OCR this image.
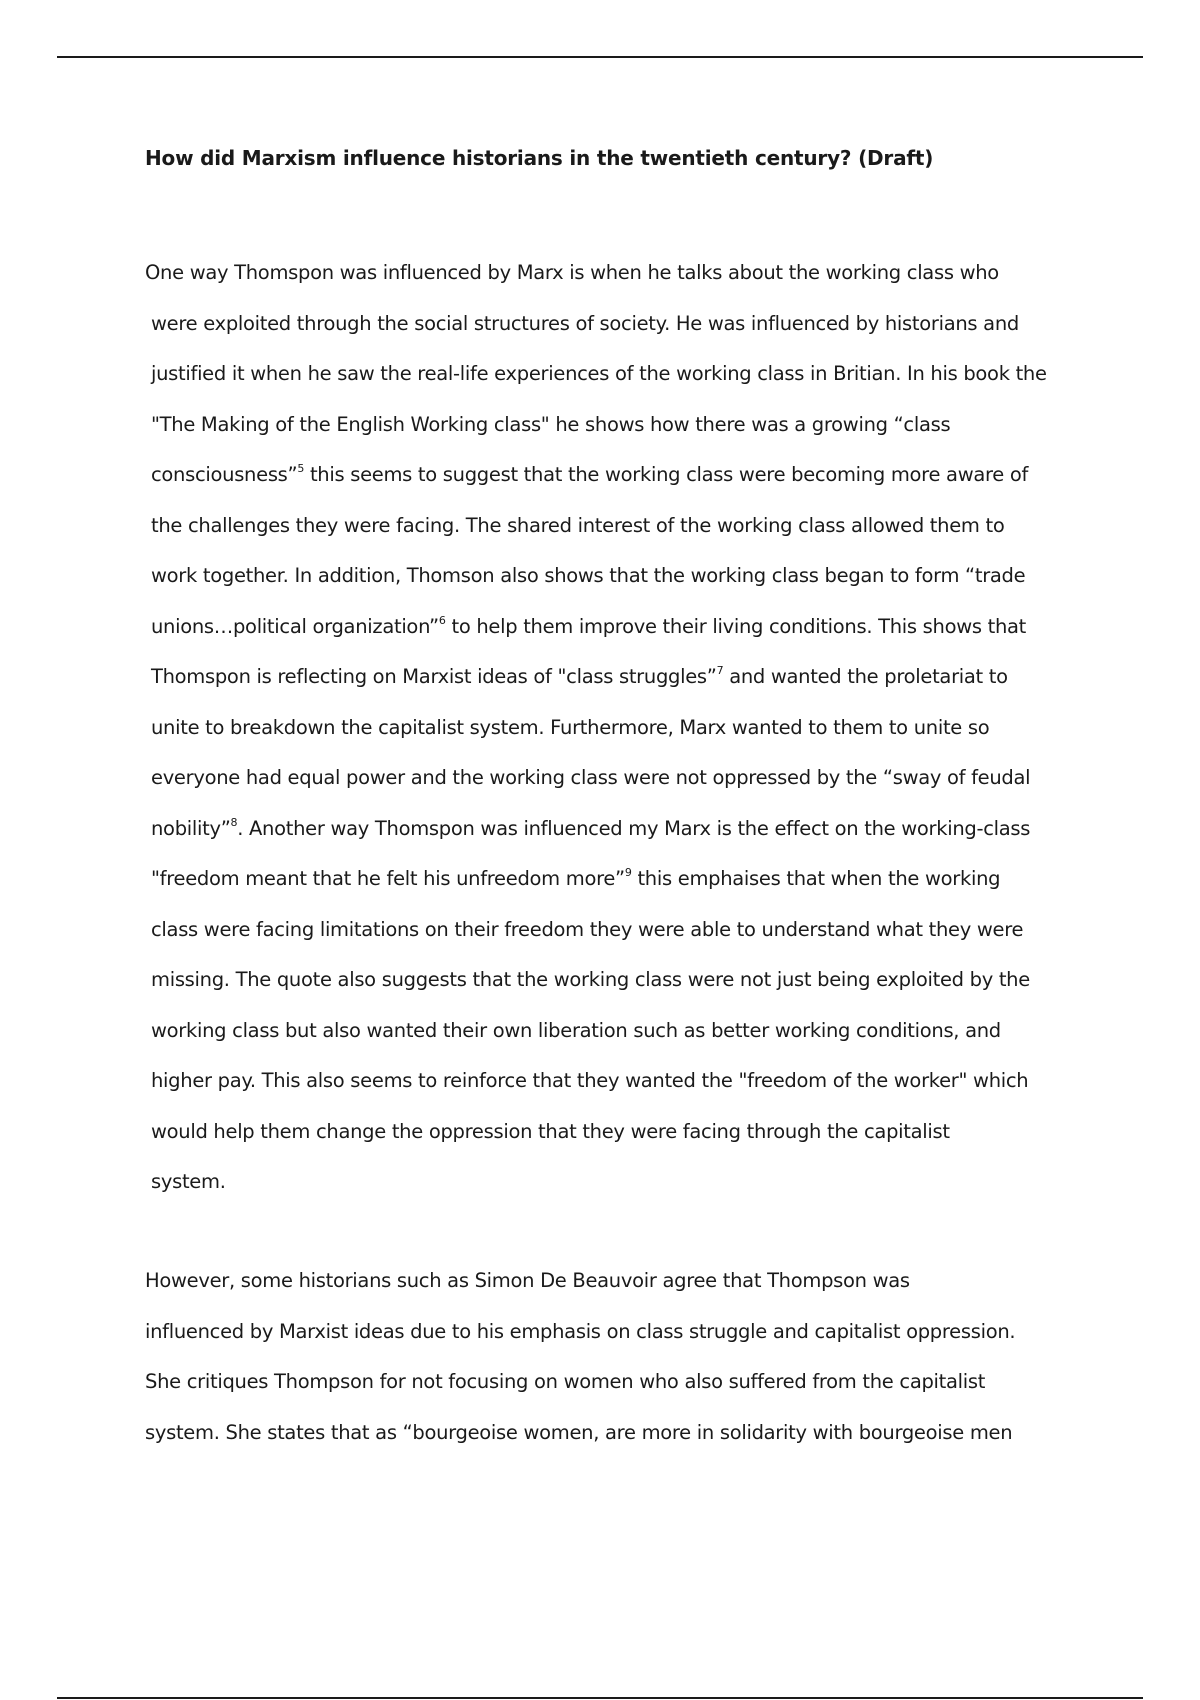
How did Marxism influence historians in the twentieth century? (Draft)
One way Thomspon was influenced by Marx is when he talks about the working class who
were exploited through the social structures of society. He was influenced by historians and
justified it when he saw the real-life experiences of the working class in Britian. In his book the
"The Making of the English Working class" he shows how there was a growing “class
consciousness”$^5$ this seems to suggest that the working class were becoming more aware of
the challenges they were facing. The shared interest of the working class allowed them to
work together. In addition, Thomson also shows that the working class began to form “trade
unions…political organization”$^6$ to help them improve their living conditions. This shows that
Thomspon is reflecting on Marxist ideas of "class struggles”$^7$ and wanted the proletariat to
unite to breakdown the capitalist system. Furthermore, Marx wanted to them to unite so
everyone had equal power and the working class were not oppressed by the “sway of feudal
nobility”$^8$. Another way Thomspon was influenced my Marx is the effect on the working-class
"freedom meant that he felt his unfreedom more”$^9$ this emphaises that when the working
class were facing limitations on their freedom they were able to understand what they were
missing. The quote also suggests that the working class were not just being exploited by the
working class but also wanted their own liberation such as better working conditions, and
higher pay. This also seems to reinforce that they wanted the "freedom of the worker" which
would help them change the oppression that they were facing through the capitalist
system.
However, some historians such as Simon De Beauvoir agree that Thompson was
influenced by Marxist ideas due to his emphasis on class struggle and capitalist oppression.
She critiques Thompson for not focusing on women who also suffered from the capitalist
system. She states that as “bourgeoise women, are more in solidarity with bourgeoise men
